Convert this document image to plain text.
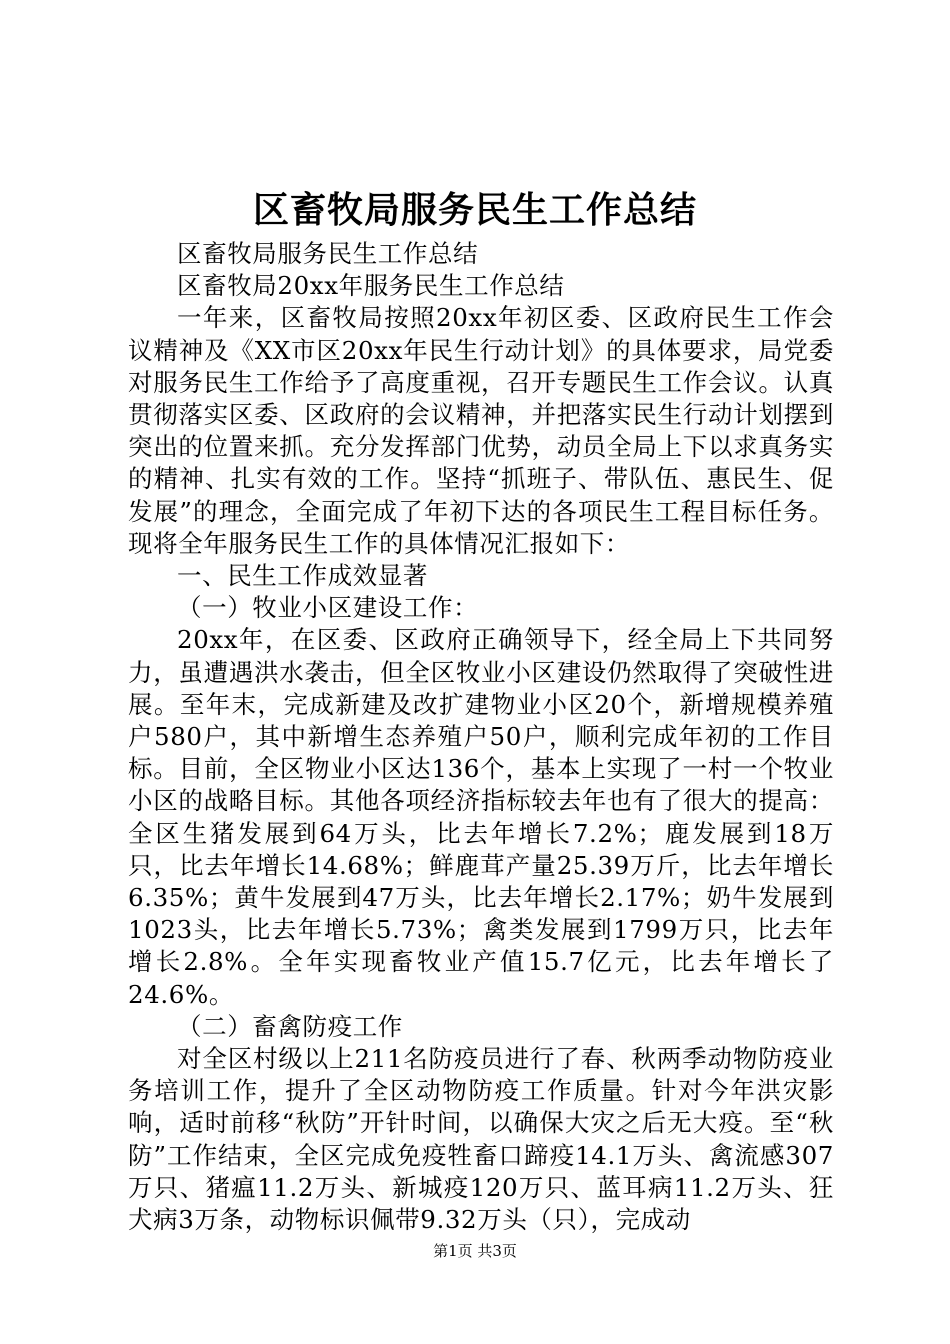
区畜牧局服务民生工作总结

区畜牧局服务民生工作总结

区畜牧局20xx年服务民生工作总结

一年来，区畜牧局按照20xx年初区委、区政府民生工作会议精神及《XX市区20xx年民生行动计划》的具体要求，局党委对服务民生工作给予了高度重视，召开专题民生工作会议。认真贯彻落实区委、区政府的会议精神，并把落实民生行动计划摆到突出的位置来抓。充分发挥部门优势，动员全局上下以求真务实的精神、扎实有效的工作。坚持“抓班子、带队伍、惠民生、促发展”的理念，全面完成了年初下达的各项民生工程目标任务。现将全年服务民生工作的具体情况汇报如下：

一、民生工作成效显著

（一）牧业小区建设工作：

20xx年，在区委、区政府正确领导下，经全局上下共同努力，虽遭遇洪水袭击，但全区牧业小区建设仍然取得了突破性进展。至年末，完成新建及改扩建物业小区20个，新增规模养殖户580户，其中新增生态养殖户50户，顺利完成年初的工作目标。目前，全区物业小区达136个，基本上实现了一村一个牧业小区的战略目标。其他各项经济指标较去年也有了很大的提高：全区生猪发展到64万头，比去年增长7.2%；鹿发展到18万只，比去年增长14.68%；鲜鹿茸产量25.39万斤，比去年增长6.35%；黄牛发展到47万头，比去年增长2.17%；奶牛发展到1023头，比去年增长5.73%；禽类发展到1799万只，比去年增长2.8%。全年实现畜牧业产值15.7亿元，比去年增长了24.6%。

（二）畜禽防疫工作

对全区村级以上211名防疫员进行了春、秋两季动物防疫业务培训工作，提升了全区动物防疫工作质量。针对今年洪灾影响，适时前移“秋防”开针时间，以确保大灾之后无大疫。至“秋防”工作结束，全区完成免疫牲畜口蹄疫14.1万头、禽流感307万只、猪瘟11.2万头、新城疫120万只、蓝耳病11.2万头、狂犬病3万条，动物标识佩带9.32万头（只），完成动

第1页 共3页
